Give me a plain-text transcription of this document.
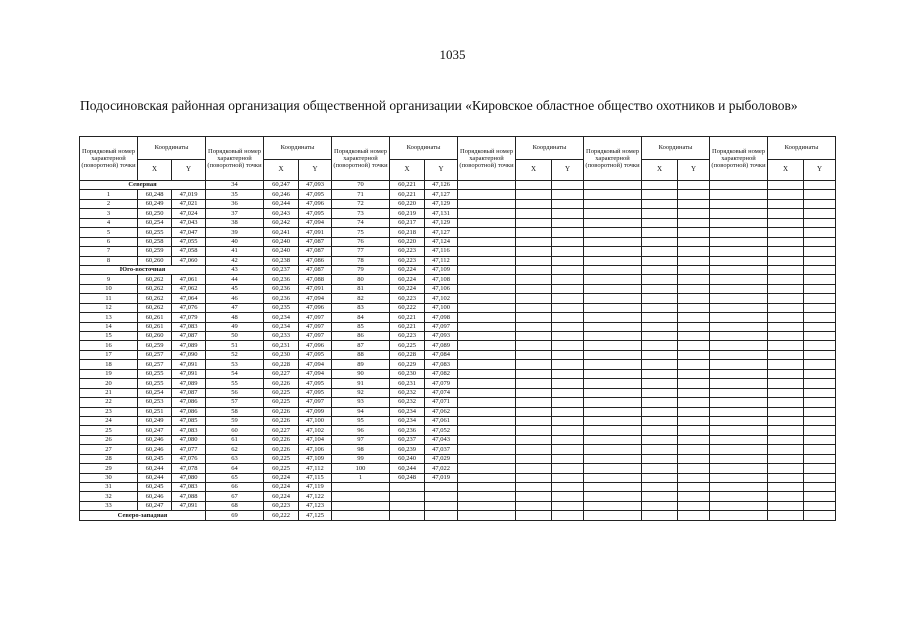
1035
Подосиновская районная организация общественной организации «Кировское областное общество охотников и рыболовов»
Порядковый номер характерной (поворотной) точки	Координаты		Порядковый номер характерной (поворотной) точки	Координаты		Порядковый номер характерной (поворотной) точки	Координаты		Порядковый номер характерной (поворотной) точки	Координаты		Порядковый номер характерной (поворотной) точки	Координаты		Порядковый номер характерной (поворотной) точки	Координаты	
	X	Y		X	Y		X	Y		X	Y		X	Y		X	Y
Северная			34	60,247	47,093	70	60,221	47,126									
1	60,248	47,019	35	60,246	47,095	71	60,221	47,127									
2	60,249	47,021	36	60,244	47,096	72	60,220	47,129									
3	60,250	47,024	37	60,243	47,095	73	60,219	47,131									
4	60,254	47,043	38	60,242	47,094	74	60,217	47,129									
5	60,255	47,047	39	60,241	47,091	75	60,218	47,127									
6	60,258	47,055	40	60,240	47,087	76	60,220	47,124									
7	60,259	47,058	41	60,240	47,087	77	60,223	47,116									
8	60,260	47,060	42	60,238	47,086	78	60,223	47,112									
Юго-восточная			43	60,237	47,087	79	60,224	47,109									
9	60,262	47,061	44	60,236	47,088	80	60,224	47,108									
10	60,262	47,062	45	60,236	47,091	81	60,224	47,106									
11	60,262	47,064	46	60,236	47,094	82	60,223	47,102									
12	60,262	47,076	47	60,235	47,096	83	60,222	47,100									
13	60,261	47,079	48	60,234	47,097	84	60,221	47,098									
14	60,261	47,083	49	60,234	47,097	85	60,221	47,097									
15	60,260	47,087	50	60,233	47,097	86	60,223	47,093									
16	60,259	47,089	51	60,231	47,096	87	60,225	47,089									
17	60,257	47,090	52	60,230	47,095	88	60,228	47,084									
18	60,257	47,091	53	60,228	47,094	89	60,229	47,083									
19	60,255	47,091	54	60,227	47,094	90	60,230	47,082									
20	60,255	47,089	55	60,226	47,095	91	60,231	47,079									
21	60,254	47,087	56	60,225	47,095	92	60,232	47,074									
22	60,253	47,086	57	60,225	47,097	93	60,232	47,071									
23	60,251	47,086	58	60,226	47,099	94	60,234	47,062									
24	60,249	47,085	59	60,226	47,100	95	60,234	47,061									
25	60,247	47,083	60	60,227	47,102	96	60,236	47,052									
26	60,246	47,080	61	60,226	47,104	97	60,237	47,043									
27	60,246	47,077	62	60,226	47,106	98	60,239	47,037									
28	60,245	47,076	63	60,225	47,109	99	60,240	47,029									
29	60,244	47,078	64	60,225	47,112	100	60,244	47,022									
30	60,244	47,080	65	60,224	47,115	1	60,248	47,019									
31	60,245	47,083	66	60,224	47,119												
32	60,246	47,088	67	60,224	47,122												
33	60,247	47,091	68	60,223	47,123												
Северо-западная			69	60,222	47,125												
